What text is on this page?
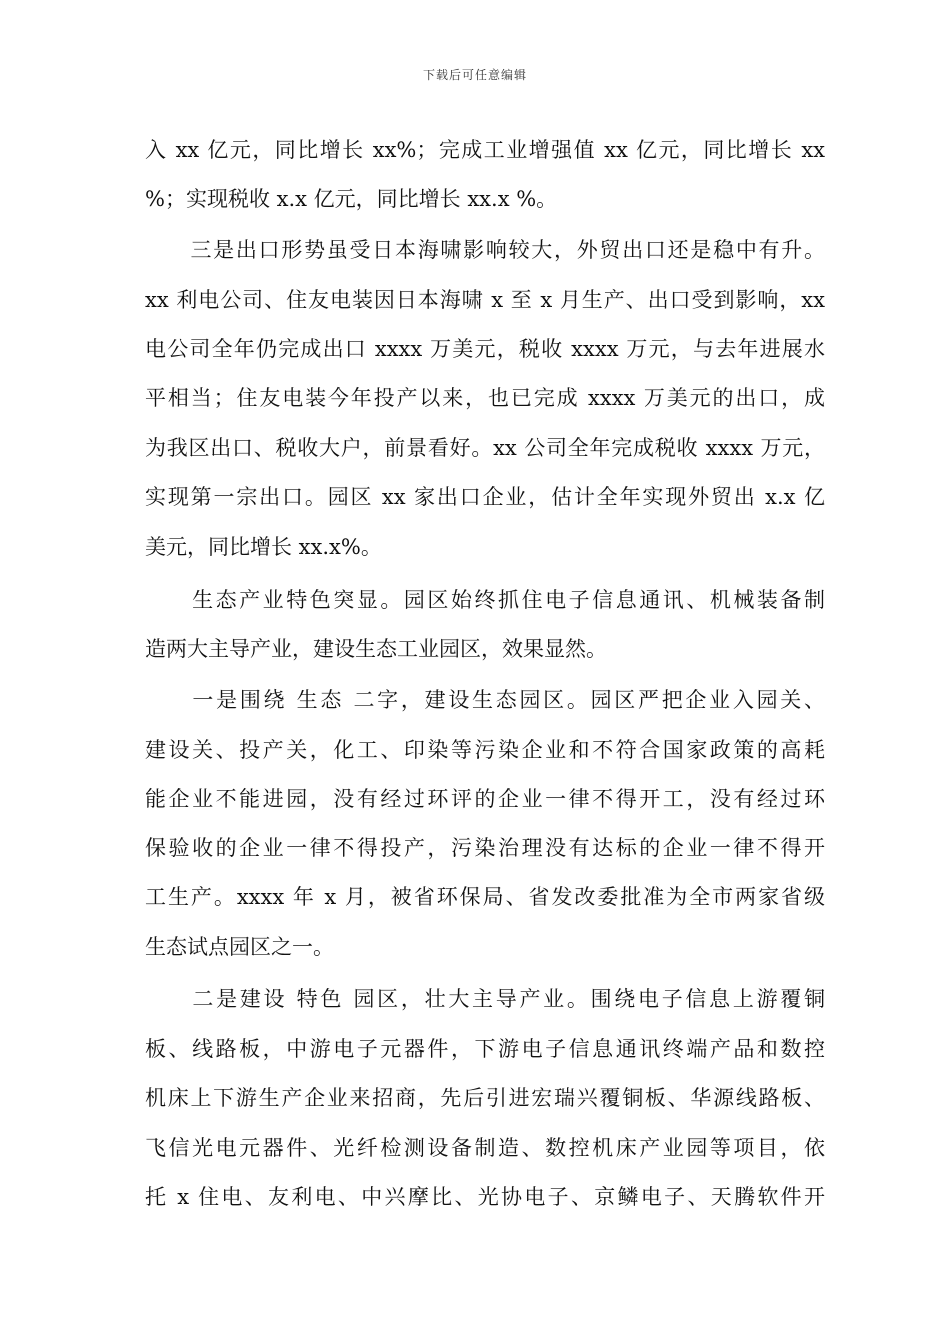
下载后可任意编辑
入 xx 亿元，同比增长 xx%；完成工业增强值 xx 亿元，同比增长 xx
%；实现税收 x.x 亿元，同比增长 xx.x %。
　　三是出口形势虽受日本海啸影响较大，外贸出口还是稳中有升。
xx 利电公司、住友电装因日本海啸 x 至 x 月生产、出口受到影响，xx
电公司全年仍完成出口 xxxx 万美元，税收 xxxx 万元，与去年进展水
平相当；住友电装今年投产以来，也已完成 xxxx 万美元的出口，成
为我区出口、税收大户，前景看好。xx 公司全年完成税收 xxxx 万元，
实现第一宗出口。园区 xx 家出口企业，估计全年实现外贸出 x.x 亿
美元，同比增长 xx.x%。
　　生态产业特色突显。园区始终抓住电子信息通讯、机械装备制
造两大主导产业，建设生态工业园区，效果显然。
　　一是围绕 生态 二字，建设生态园区。园区严把企业入园关、
建设关、投产关，化工、印染等污染企业和不符合国家政策的高耗
能企业不能进园，没有经过环评的企业一律不得开工，没有经过环
保验收的企业一律不得投产，污染治理没有达标的企业一律不得开
工生产。xxxx 年 x 月，被省环保局、省发改委批准为全市两家省级
生态试点园区之一。
　　二是建设 特色 园区，壮大主导产业。围绕电子信息上游覆铜
板、线路板，中游电子元器件，下游电子信息通讯终端产品和数控
机床上下游生产企业来招商，先后引进宏瑞兴覆铜板、华源线路板、
飞信光电元器件、光纤检测设备制造、数控机床产业园等项目，依
托 x 住电、友利电、中兴摩比、光协电子、京鳞电子、天腾软件开
